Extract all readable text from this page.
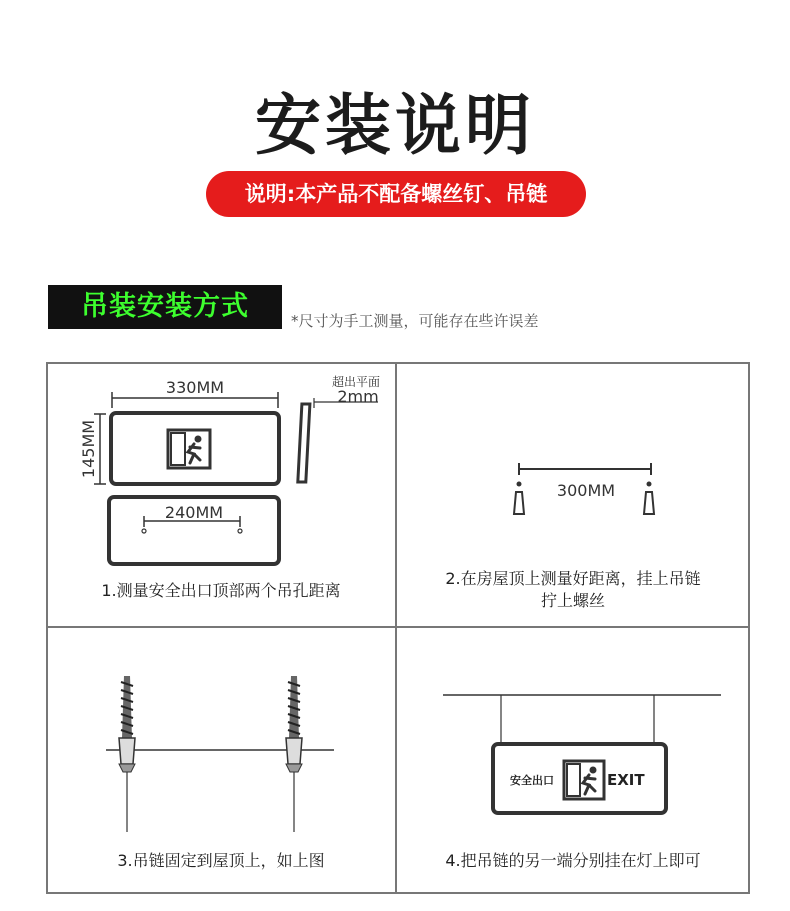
安装说明
说明:本产品不配备螺丝钉、吊链
吊装安装方式	*尺寸为手工测量，可能存在些许误差
330MM
145MM
240MM
超出平面
2mm
1.测量安全出口顶部两个吊孔距离
300MM
2.在房屋顶上测量好距离，挂上吊链
拧上螺丝
3.吊链固定到屋顶上，如上图
安全出口	EXIT
4.把吊链的另一端分别挂在灯上即可
